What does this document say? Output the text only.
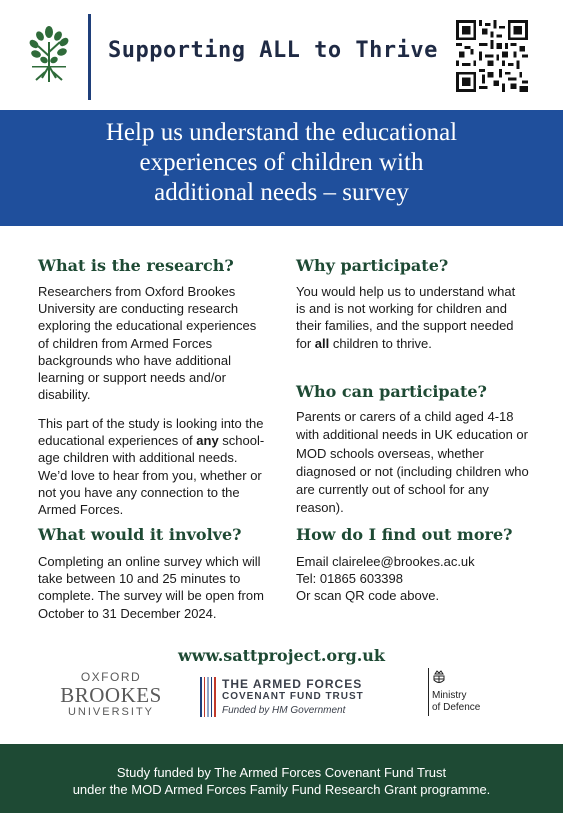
Supporting ALL to Thrive
Help us understand the educational
experiences of children with
additional needs – survey
What is the research?
Researchers from Oxford Brookes University are conducting research exploring the educational experiences of children from Armed Forces backgrounds who have additional learning or support needs and/or disability.
This part of the study is looking into the educational experiences of any school-age children with additional needs. We’d love to hear from you, whether or not you have any connection to the Armed Forces.
What would it involve?
Completing an online survey which will take between 10 and 25 minutes to complete. The survey will be open from October to 31 December 2024.
Why participate?
You would help us to understand what is and is not working for children and their families, and the support needed for all children to thrive.
Who can participate?
Parents or carers of a child aged 4-18 with additional needs in UK education or MOD schools overseas, whether diagnosed or not (including children who are currently out of school for any reason).
How do I find out more?
Email clairelee@brookes.ac.uk
Tel: 01865 603398
Or scan QR code above.
www.sattproject.org.uk
OXFORD
BROOKES
UNIVERSITY
THE ARMED FORCES
COVENANT FUND TRUST
Funded by HM Government
Ministry
of Defence
Study funded by The Armed Forces Covenant Fund Trust
under the MOD Armed Forces Family Fund Research Grant programme.
